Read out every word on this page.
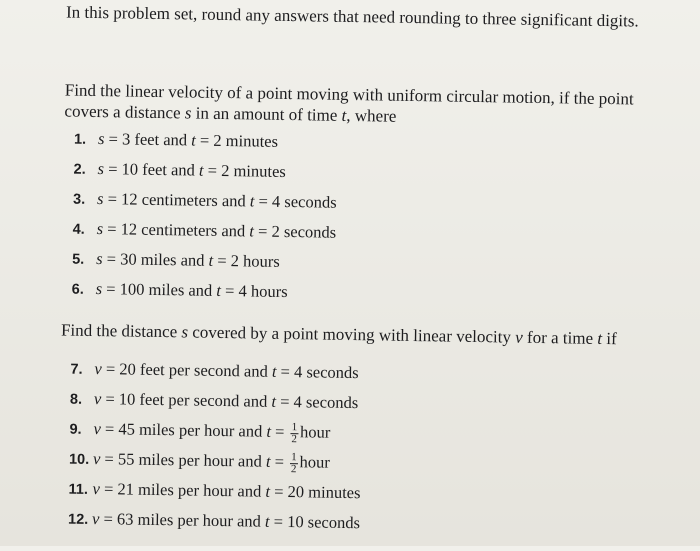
​
In this problem set, round any answers that need rounding to three significant digits.
Find the linear velocity of a point moving with uniform circular motion, if the point covers a distance s in an amount of time t, where
1. s = 3 feet and t = 2 minutes
2. s = 10 feet and t = 2 minutes
3. s = 12 centimeters and t = 4 seconds
4. s = 12 centimeters and t = 2 seconds
5. s = 30 miles and t = 2 hours
6. s = 100 miles and t = 4 hours
Find the distance s covered by a point moving with linear velocity v for a time t if
7. v = 20 feet per second and t = 4 seconds
8. v = 10 feet per second and t = 4 seconds
9. v = 45 miles per hour and $t = \frac{1}{2}$ hour
10. v = 55 miles per hour and $t = \frac{1}{2}$ hour
11. v = 21 miles per hour and t = 20 minutes
12. v = 63 miles per hour and t = 10 seconds
